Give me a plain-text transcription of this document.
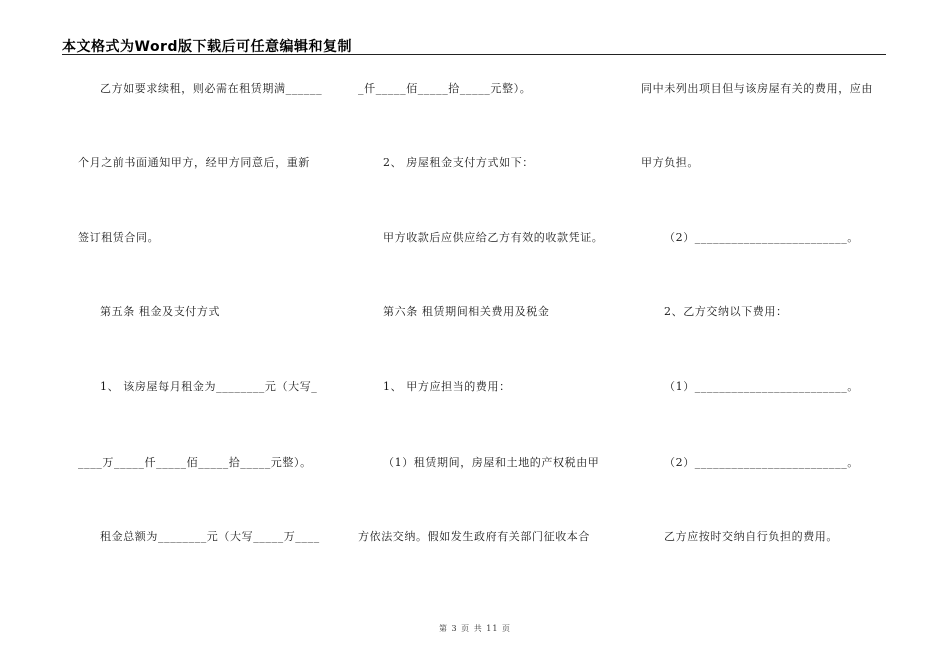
本文格式为Word版下载后可任意编辑和复制
乙方如要求续租，则必需在租赁期满______
个月之前书面通知甲方，经甲方同意后，重新
签订租赁合同。
第五条 租金及支付方式
1、 该房屋每月租金为________元（大写_
____万_____仟_____佰_____拾_____元整）。
租金总额为________元（大写_____万____
_仟_____佰_____拾_____元整）。
2、 房屋租金支付方式如下：
甲方收款后应供应给乙方有效的收款凭证。
第六条 租赁期间相关费用及税金
1、 甲方应担当的费用：
（1）租赁期间，房屋和土地的产权税由甲
方依法交纳。假如发生政府有关部门征收本合
同中未列出项目但与该房屋有关的费用，应由
甲方负担。
（2）_________________________。
2、乙方交纳以下费用：
（1）_________________________。
（2）_________________________。
乙方应按时交纳自行负担的费用。
第 3 页 共 11 页
